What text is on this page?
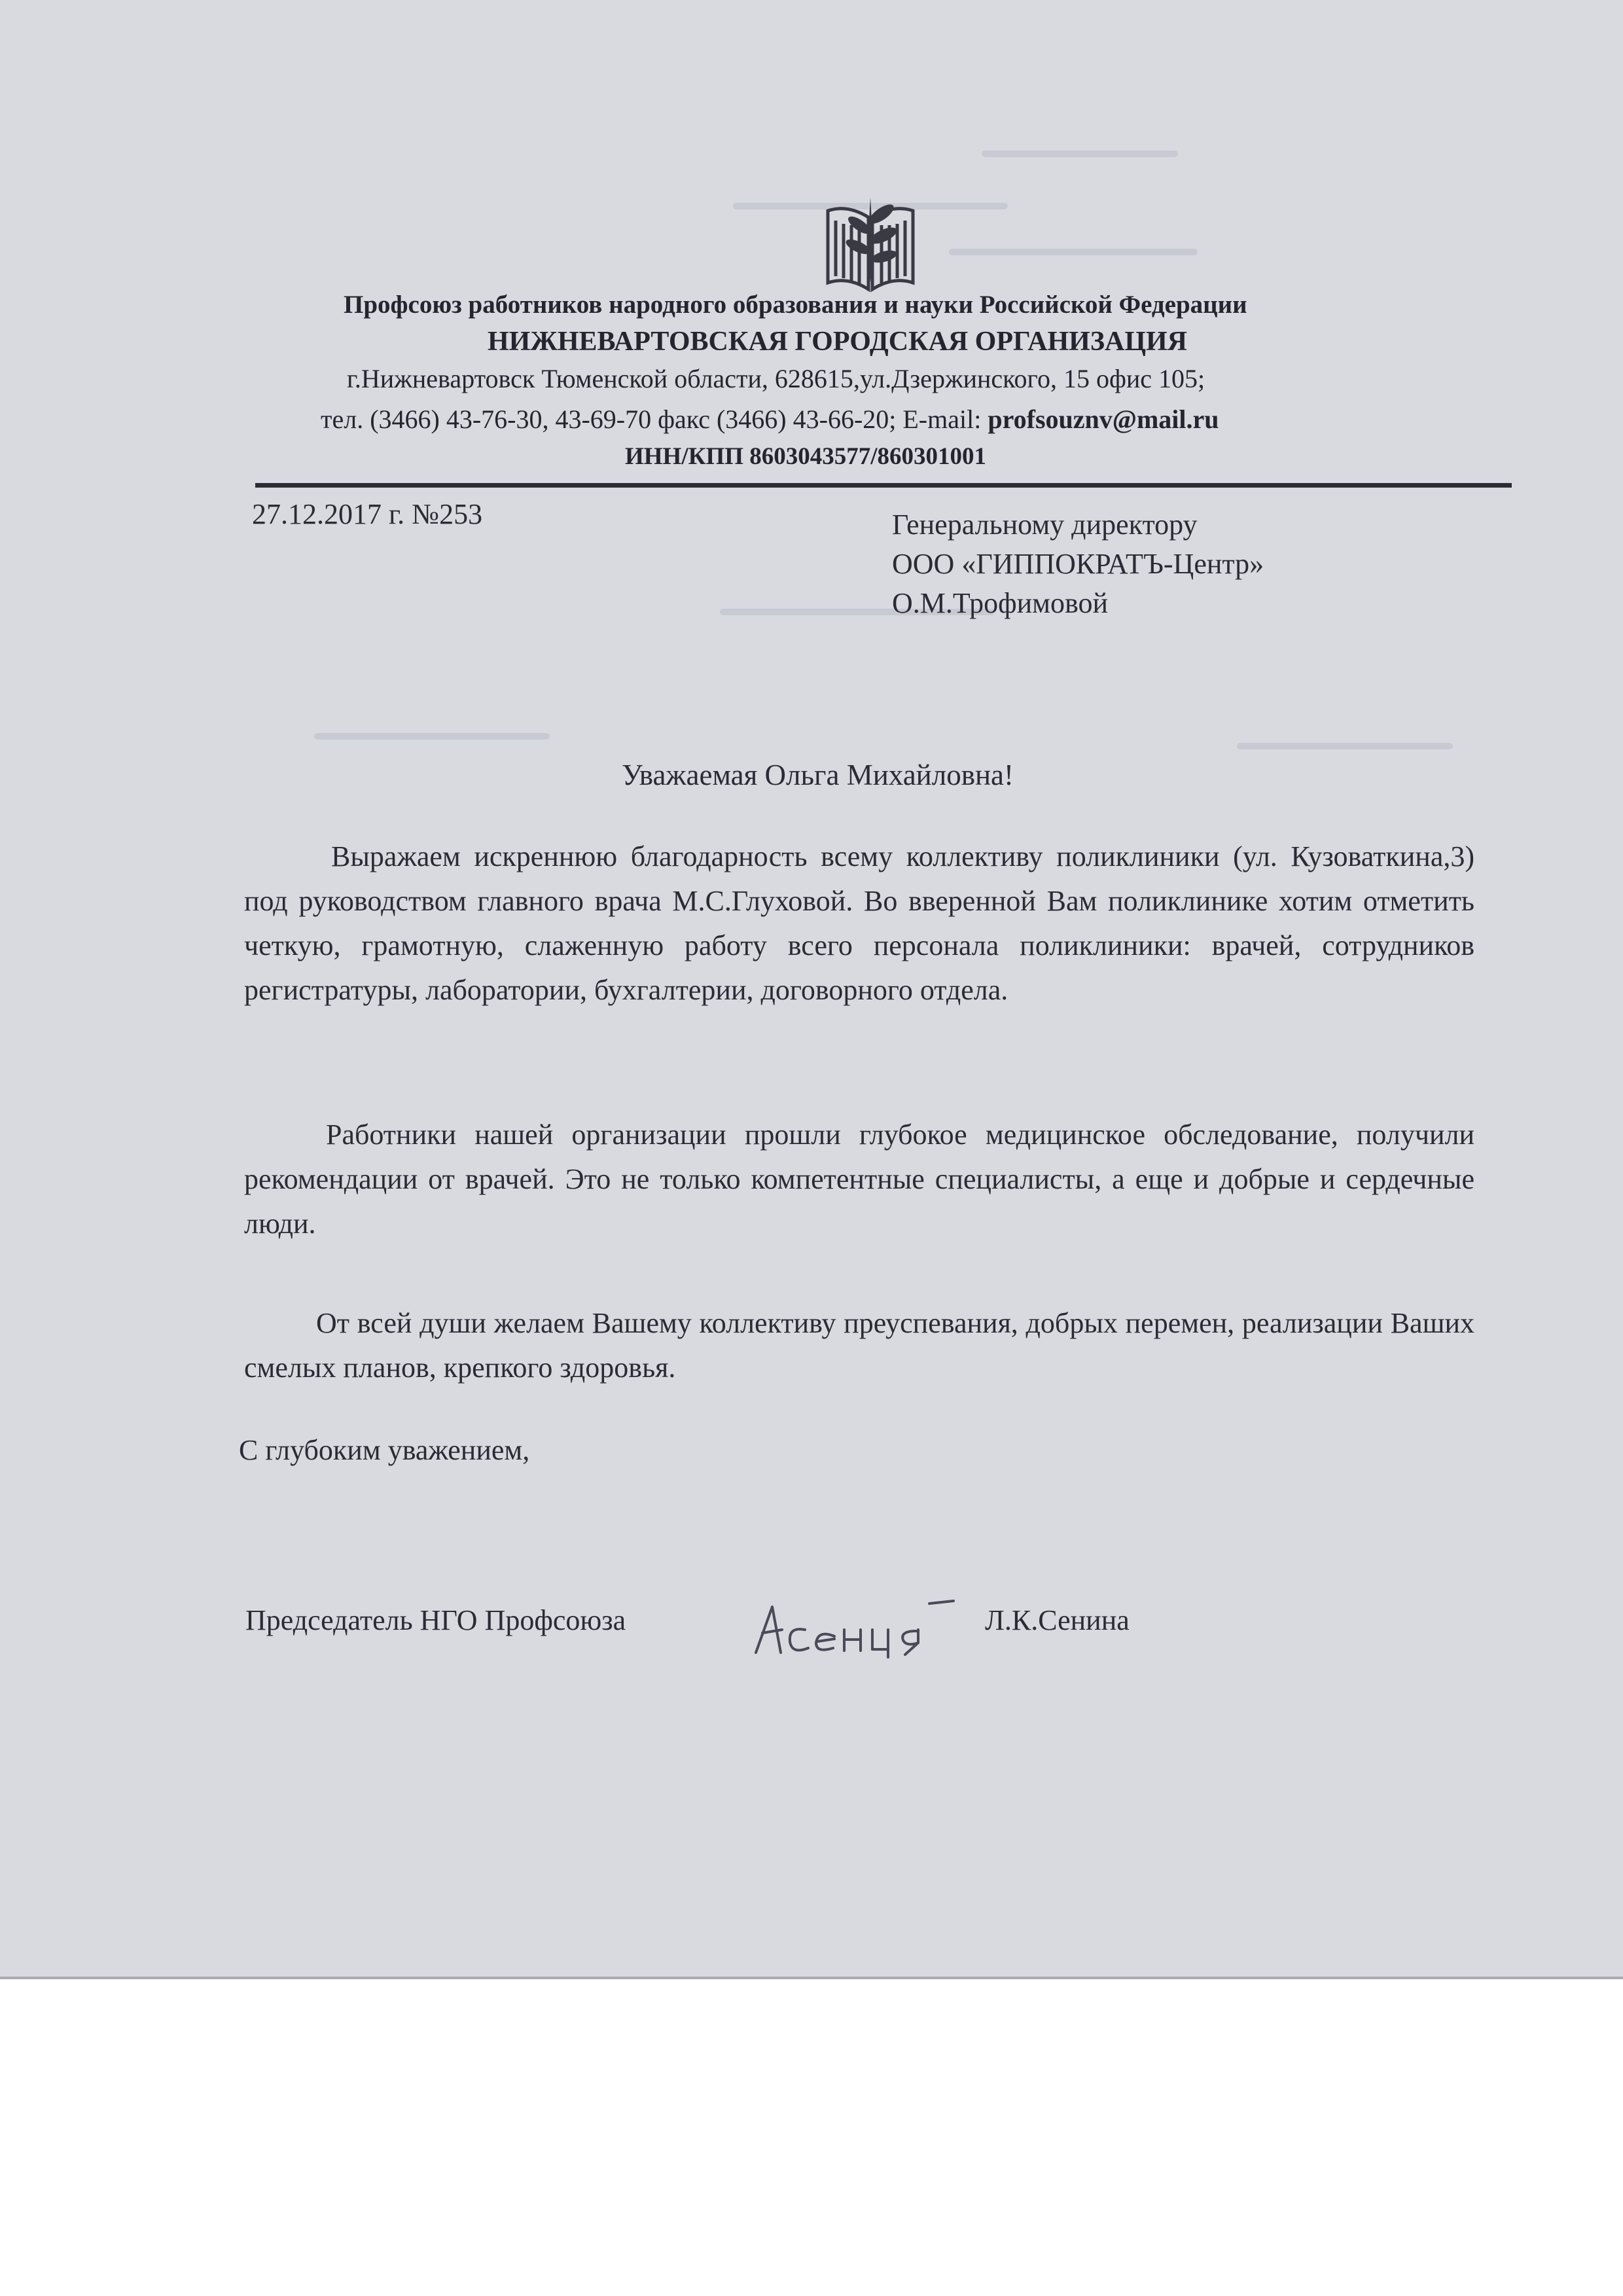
Профсоюз работников народного образования и науки Российской Федерации
НИЖНЕВАРТОВСКАЯ ГОРОДСКАЯ ОРГАНИЗАЦИЯ
г.Нижневартовск Тюменской области, 628615,ул.Дзержинского, 15 офис 105;
тел. (3466) 43-76-30, 43-69-70 факс (3466) 43-66-20; E-mail: profsouznv@mail.ru
ИНН/КПП 8603043577/860301001
27.12.2017 г. №253	Генеральному директору
ООО «ГИППОКРАТЪ-Центр»
О.М.Трофимовой
Уважаемая Ольга Михайловна!
Выражаем искреннюю благодарность всему коллективу поликлиники (ул. Кузоваткина,3) под руководством главного врача М.С.Глуховой. Во вверенной Вам поликлинике хотим отметить четкую, грамотную, слаженную работу всего персонала поликлиники: врачей, сотрудников регистратуры, лаборатории, бухгалтерии, договорного отдела.
Работники нашей организации прошли глубокое медицинское обследование, получили рекомендации от врачей. Это не только компетентные специалисты, а еще и добрые и сердечные люди.
От всей души желаем Вашему коллективу преуспевания, добрых перемен, реализации Ваших смелых планов, крепкого здоровья.
С глубоким уважением,
Председатель НГО Профсоюза	Л.К.Сенина
